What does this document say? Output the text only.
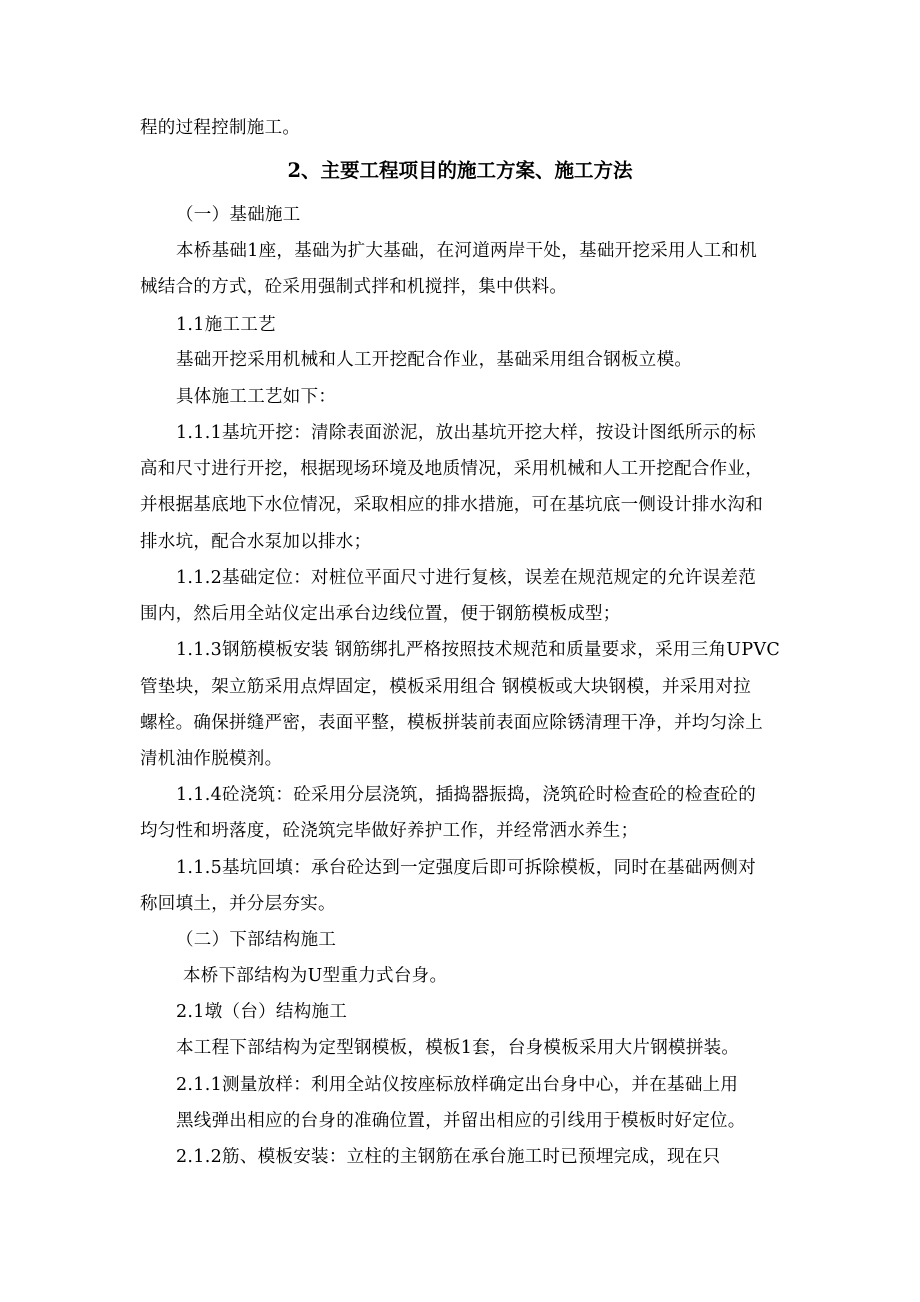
程的过程控制施工。
2、主要工程项目的施工方案、施工方法
（一）基础施工
本桥基础1座，基础为扩大基础，在河道两岸干处，基础开挖采用人工和机
械结合的方式，砼采用强制式拌和机搅拌，集中供料。
1.1施工工艺
基础开挖采用机械和人工开挖配合作业，基础采用组合钢板立模。
具体施工工艺如下：
1.1.1基坑开挖：清除表面淤泥，放出基坑开挖大样，按设计图纸所示的标
高和尺寸进行开挖，根据现场环境及地质情况，采用机械和人工开挖配合作业，
并根据基底地下水位情况，采取相应的排水措施，可在基坑底一侧设计排水沟和
排水坑，配合水泵加以排水；
1.1.2基础定位：对桩位平面尺寸进行复核，误差在规范规定的允许误差范
围内，然后用全站仪定出承台边线位置，便于钢筋模板成型；
1.1.3钢筋模板安装 钢筋绑扎严格按照技术规范和质量要求，采用三角UPVC
管垫块，架立筋采用点焊固定，模板采用组合 钢模板或大块钢模，并采用对拉
螺栓。确保拼缝严密，表面平整，模板拼装前表面应除锈清理干净，并均匀涂上
清机油作脱模剂。
1.1.4砼浇筑：砼采用分层浇筑，插捣器振捣，浇筑砼时检查砼的检查砼的
均匀性和坍落度，砼浇筑完毕做好养护工作，并经常洒水养生；
1.1.5基坑回填：承台砼达到一定强度后即可拆除模板，同时在基础两侧对
称回填土，并分层夯实。
（二）下部结构施工
本桥下部结构为U型重力式台身。
2.1墩（台）结构施工
本工程下部结构为定型钢模板，模板1套，台身模板采用大片钢模拼装。
2.1.1测量放样：利用全站仪按座标放样确定出台身中心，并在基础上用
黑线弹出相应的台身的准确位置，并留出相应的引线用于模板时好定位。
2.1.2筋、模板安装：立柱的主钢筋在承台施工时已预埋完成，现在只
